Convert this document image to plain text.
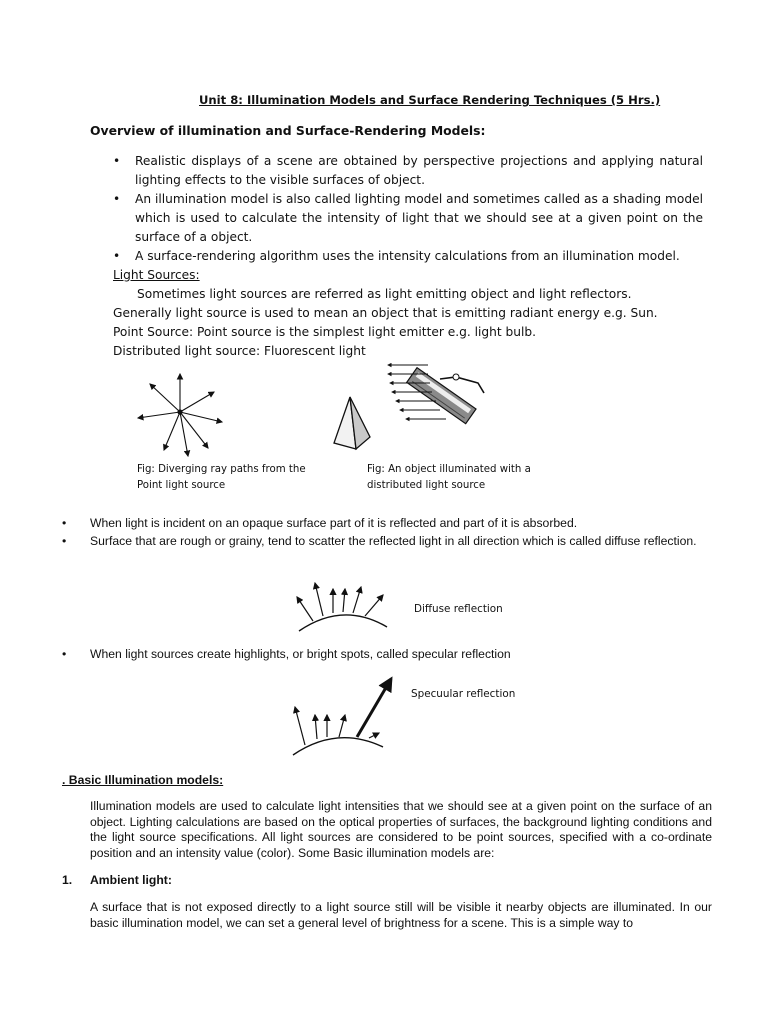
Unit 8: Illumination Models and Surface Rendering Techniques (5 Hrs.)
Overview of illumination and Surface-Rendering Models:
• Realistic displays of a scene are obtained by perspective projections and applying natural lighting effects to the visible surfaces of object.
• An illumination model is also called lighting model and sometimes called as a shading model which is used to calculate the intensity of light that we should see at a given point on the surface of a object.
• A surface-rendering algorithm uses the intensity calculations from an illumination model.
Light Sources:
Sometimes light sources are referred as light emitting object and light reflectors. Generally light source is used to mean an object that is emitting radiant energy e.g. Sun.
Point Source: Point source is the simplest light emitter e.g. light bulb.
Distributed light source: Fluorescent light
Fig: Diverging ray paths from the Point light source
Fig: An object illuminated with a distributed light source
• When light is incident on an opaque surface part of it is reflected and part of it is absorbed.
• Surface that are rough or grainy, tend to scatter the reflected light in all direction which is called diffuse reflection.
Diffuse reflection
• When light sources create highlights, or bright spots, called specular reflection
Specuular reflection
. Basic Illumination models:
Illumination models are used to calculate light intensities that we should see at a given point on the surface of an object. Lighting calculations are based on the optical properties of surfaces, the background lighting conditions and the light source specifications. All light sources are considered to be point sources, specified with a co-ordinate position and an intensity value (color). Some Basic illumination models are:
1. Ambient light:
A surface that is not exposed directly to a light source still will be visible it nearby objects are illuminated. In our basic illumination model, we can set a general level of brightness for a scene. This is a simple way to
